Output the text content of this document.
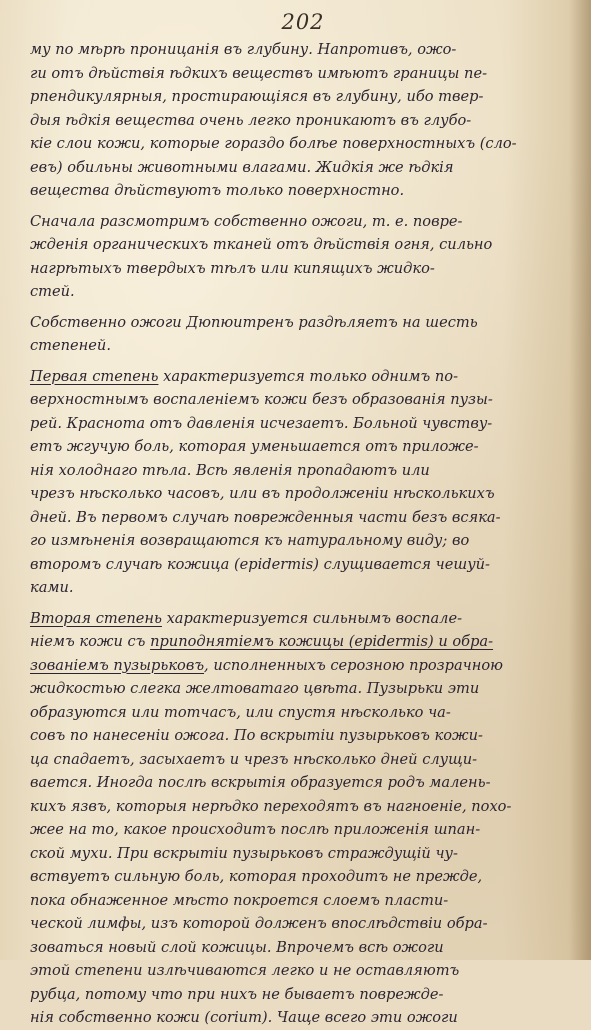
202
му по мѣрѣ проницанія въ глубину. Напротивъ, ожо-
ги отъ дѣйствія ѣдкихъ веществъ имѣютъ границы пе-
рпендикулярныя, простирающіяся въ глубину, ибо твер-
дыя ѣдкія вещества очень легко проникаютъ въ глубо-
кіе слои кожи, которые гораздо болѣе поверхностныхъ (сло-
евъ) обильны животными влагами. Жидкія же ѣдкія
вещества дѣйствуютъ только поверхностно.
Сначала разсмотримъ собственно ожоги, т. е. повре-
жденія органическихъ тканей отъ дѣйствія огня, сильно
нагрѣтыхъ твердыхъ тѣлъ или кипящихъ жидко-
стей.
Собственно ожоги Дюпюитренъ раздѣляетъ на шесть
степеней.
Первая степень характеризуется только однимъ по-
верхностнымъ воспаленіемъ кожи безъ образованія пузы-
рей. Краснота отъ давленія исчезаетъ. Больной чувству-
етъ жгучую боль, которая уменьшается отъ приложе-
нія холоднаго тѣла. Всѣ явленія пропадаютъ или
чрезъ нѣсколько часовъ, или въ продолженіи нѣсколькихъ
дней. Въ первомъ случаѣ поврежденныя части безъ всяка-
го измѣненія возвращаются къ натуральному виду; во
второмъ случаѣ кожица (epidermis) слущивается чешуй-
ками.
Вторая степень характеризуется сильнымъ воспале-
ніемъ кожи съ приподнятіемъ кожицы (epidermis) и обра-
зованіемъ пузырьковъ, исполненныхъ серозною прозрачною
жидкостью слегка желтоватаго цвѣта. Пузырьки эти
образуются или тотчасъ, или спустя нѣсколько ча-
совъ по нанесеніи ожога. По вскрытіи пузырьковъ кожи-
ца спадаетъ, засыхаетъ и чрезъ нѣсколько дней слущи-
вается. Иногда послѣ вскрытія образуется родъ малень-
кихъ язвъ, которыя нерѣдко переходятъ въ нагноеніе, похо-
жее на то, какое происходитъ послѣ приложенія шпан-
ской мухи. При вскрытіи пузырьковъ страждущій чу-
вствуетъ сильную боль, которая проходитъ не прежде,
пока обнаженное мѣсто покроется слоемъ пласти-
ческой лимфы, изъ которой долженъ впослѣдствіи обра-
зоваться новый слой кожицы. Впрочемъ всѣ ожоги
этой степени излѣчиваются легко и не оставляютъ
рубца, потому что при нихъ не бываетъ поврежде-
нія собственно кожи (corium). Чаще всего эти ожоги
